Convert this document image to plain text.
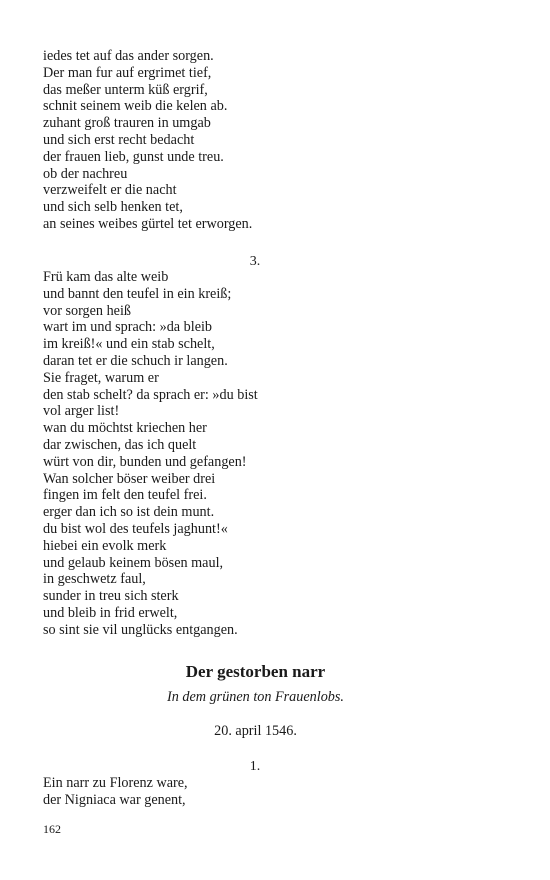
iedes tet auf das ander sorgen.
Der man fur auf ergrimet tief,
das meßer unterm küß ergrif,
schnit seinem weib die kelen ab.
zuhant groß trauren in umgab
und sich erst recht bedacht
der frauen lieb, gunst unde treu.
ob der nachreu
verzweifelt er die nacht
und sich selb henken tet,
an seines weibes gürtel tet erworgen.
3.
Frü kam das alte weib
und bannt den teufel in ein kreiß;
vor sorgen heiß
wart im und sprach: »da bleib
im kreiß!« und ein stab schelt,
daran tet er die schuch ir langen.
Sie fraget, warum er
den stab schelt? da sprach er: »du bist
vol arger list!
wan du möchtst kriechen her
dar zwischen, das ich quelt
würt von dir, bunden und gefangen!
Wan solcher böser weiber drei
fingen im felt den teufel frei.
erger dan ich so ist dein munt.
du bist wol des teufels jaghunt!«
hiebei ein evolk merk
und gelaub keinem bösen maul,
in geschwetz faul,
sunder in treu sich sterk
und bleib in frid erwelt,
so sint sie vil unglücks entgangen.
Der gestorben narr
In dem grünen ton Frauenlobs.
20. april 1546.
1.
Ein narr zu Florenz ware,
der Nigniaca war genent,
162
